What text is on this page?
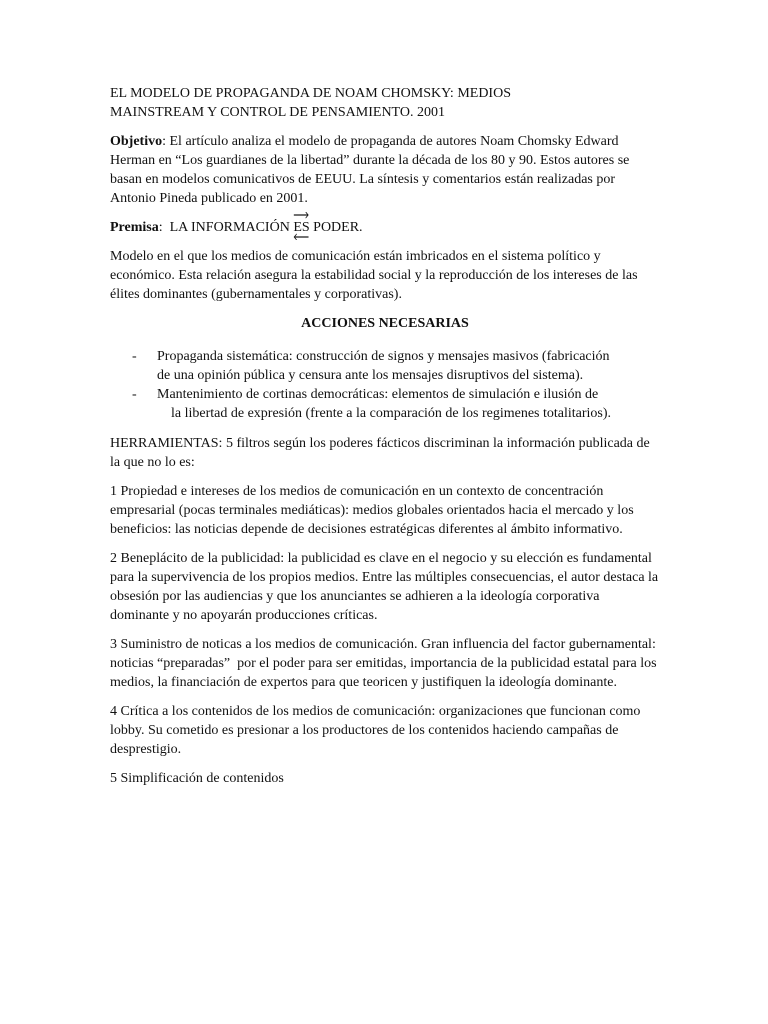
EL MODELO DE PROPAGANDA DE NOAM CHOMSKY: MEDIOS
MAINSTREAM Y CONTROL DE PENSAMIENTO. 2001

Objetivo: El artículo analiza el modelo de propaganda de autores Noam Chomsky Edward Herman en “Los guardianes de la libertad” durante la década de los 80 y 90. Estos autores se basan en modelos comunicativos de EEUU. La síntesis y comentarios están realizadas por Antonio Pineda publicado en 2001.

Premisa:  LA INFORMACIÓN ES
PODER.

Modelo en el que los medios de comunicación están imbricados en el sistema político y económico. Esta relación asegura la estabilidad social y la reproducción de los intereses de las élites dominantes (gubernamentales y corporativas).

ACCIONES NECESARIAS

- Propaganda sistemática: construcción de signos y mensajes masivos (fabricación
de una opinión pública y censura ante los mensajes disruptivos del sistema).
- Mantenimiento de cortinas democráticas: elementos de simulación e ilusión de
la libertad de expresión (frente a la comparación de los regimenes totalitarios).

HERRAMIENTAS: 5 filtros según los poderes fácticos discriminan la información publicada de la que no lo es:

1 Propiedad e intereses de los medios de comunicación en un contexto de concentración empresarial (pocas terminales mediáticas): medios globales orientados hacia el mercado y los beneficios: las noticias depende de decisiones estratégicas diferentes al ámbito informativo.

2 Beneplácito de la publicidad: la publicidad es clave en el negocio y su elección es fundamental para la supervivencia de los propios medios. Entre las múltiples consecuencias, el autor destaca la obsesión por las audiencias y que los anunciantes se adhieren a la ideología corporativa dominante y no apoyarán producciones críticas.

3 Suministro de noticas a los medios de comunicación. Gran influencia del factor gubernamental: noticias “preparadas”  por el poder para ser emitidas, importancia de la publicidad estatal para los medios, la financiación de expertos para que teoricen y justifiquen la ideología dominante.

4 Crítica a los contenidos de los medios de comunicación: organizaciones que funcionan como lobby. Su cometido es presionar a los productores de los contenidos haciendo campañas de desprestigio.

5 Simplificación de contenidos
